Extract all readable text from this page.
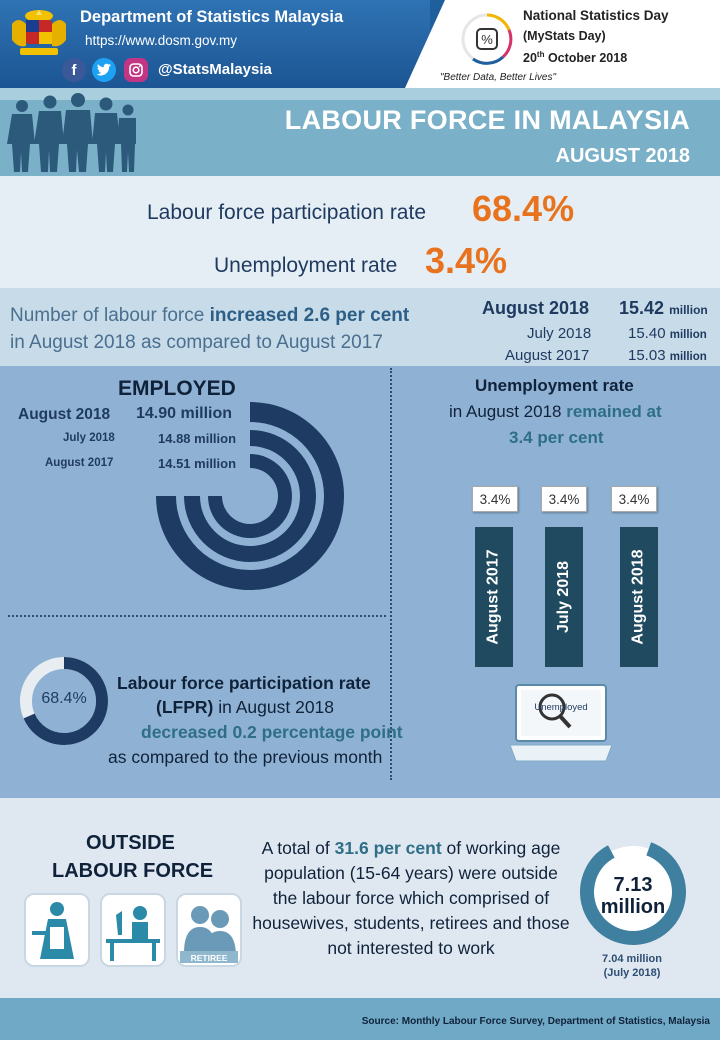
Department of Statistics Malaysia
https://www.dosm.gov.my
f	@StatsMalaysia
%
National Statistics Day
(MyStats Day)
20th October 2018
"Better Data, Better Lives"
LABOUR FORCE IN MALAYSIA
AUGUST 2018
Labour force participation rate 68.4%
Unemployment rate 3.4%
Number of labour force increased 2.6 per cent
in August 2018 as compared to August 2017
August 2018 15.42 million
July 2018 15.40 million
August 2017	15.03 million
EMPLOYED
August 2018 14.90 million
July 2018	14.88 million
August 2017	14.51 million
Unemployment rate
in August 2018 remained at
3.4 per cent
3.4%	3.4%	3.4%
August 2017	July 2018	August 2018
Unemployed
68.4%
Labour force participation rate
(LFPR) in August 2018
decreased 0.2 percentage point
as compared to the previous month
OUTSIDE
LABOUR FORCE
RETIREE
A total of 31.6 per cent of working age population (15-64 years) were outside the labour force which comprised of housewives, students, retirees and those not interested to work
7.13
million
7.04 million
(July 2018)
Source: Monthly Labour Force Survey, Department of Statistics, Malaysia
